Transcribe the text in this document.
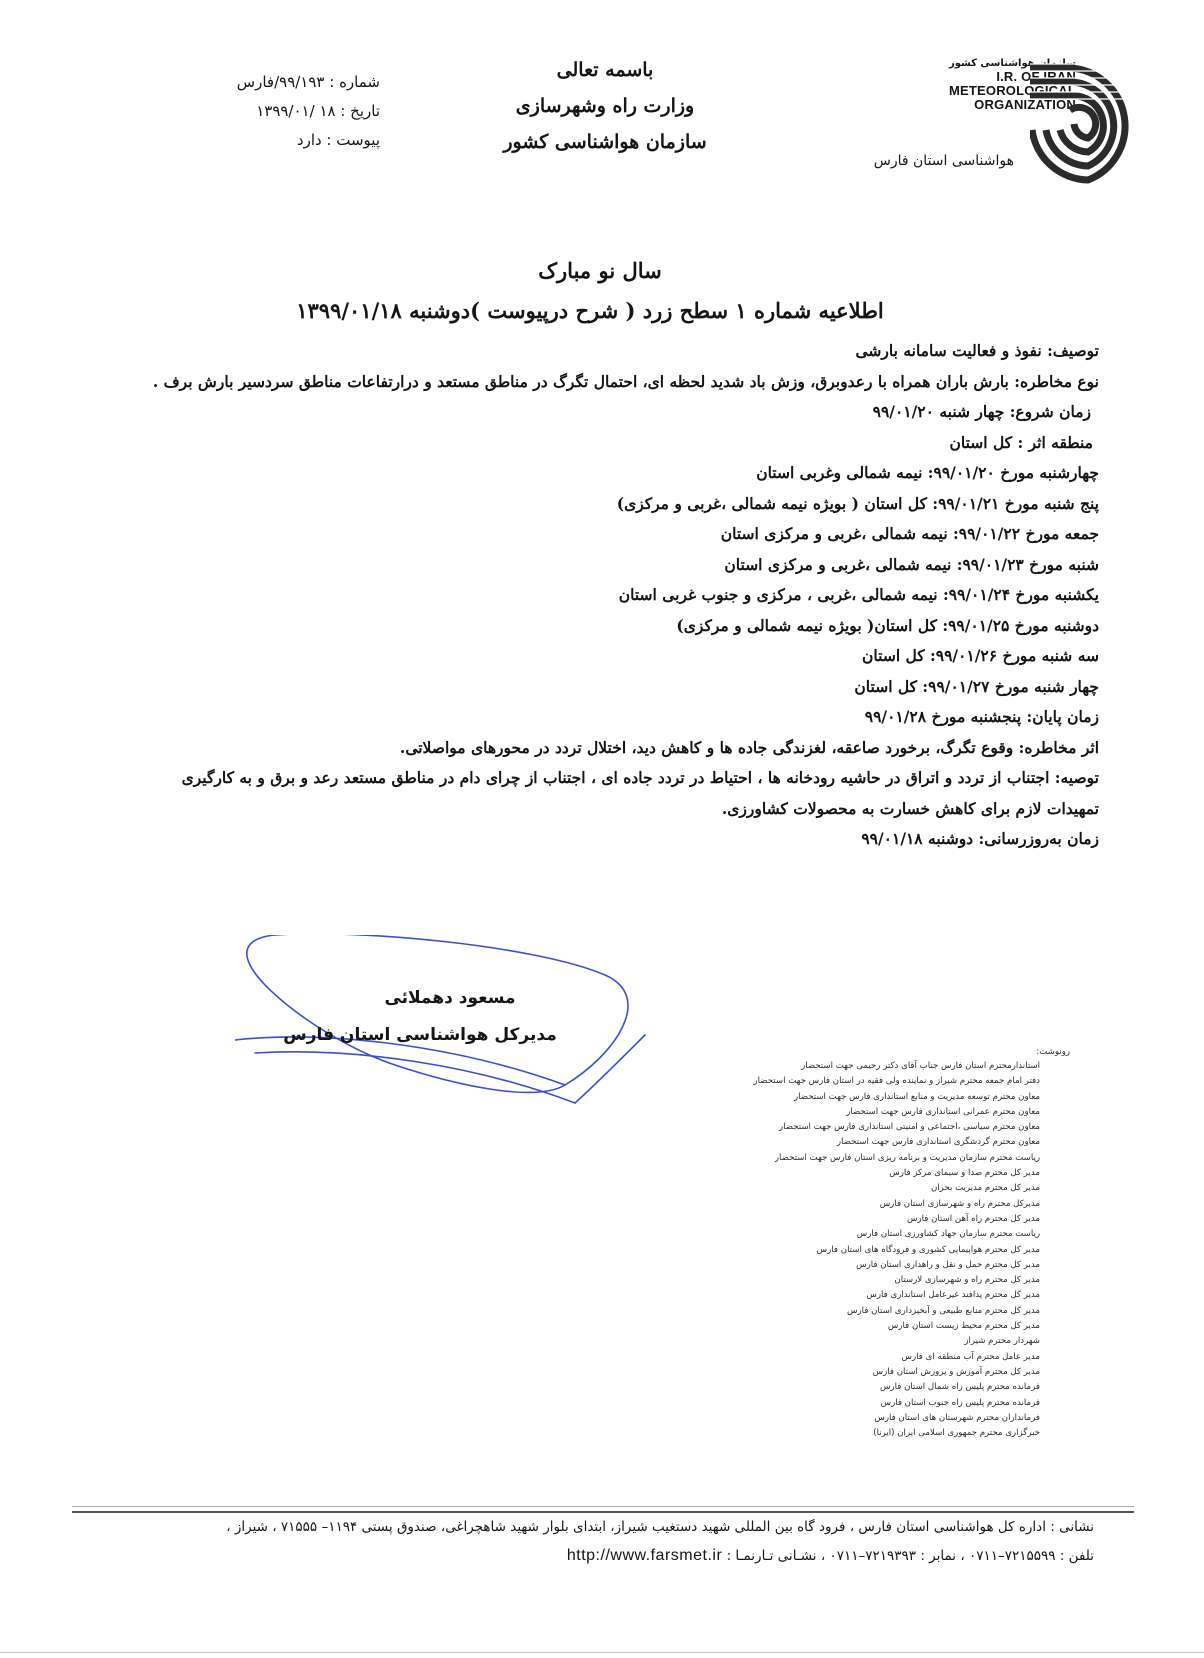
سازمان هواشناسی کشور
I.R. OF IRAN
METEOROLOGICAL
ORGANIZATION
هواشناسی استان فارس
باسمه تعالی
وزارت راه وشهرسازی
سازمان هواشناسی کشور
شماره : ۹۹/۱۹۳/فارس
تاریخ : ۱۸ /۱۳۹۹/۰۱
پیوست : دارد
سال نو مبارک
اطلاعیه شماره ۱ سطح زرد ( شرح درپیوست )دوشنبه ۱۳۹۹/۰۱/۱۸
توصیف: نفوذ و فعالیت سامانه بارشی
نوع مخاطره: بارش باران همراه با رعدوبرق، وزش باد شدید لحظه ای، احتمال تگرگ در مناطق مستعد و درارتفاعات مناطق سردسیر بارش برف .
زمان شروع: چهار شنبه ۹۹/۰۱/۲۰
منطقه اثر : کل استان
چهارشنبه مورخ ۹۹/۰۱/۲۰: نیمه شمالی وغربی استان
پنج شنبه مورخ ۹۹/۰۱/۲۱: کل استان ( بویژه نیمه شمالی ،غربی و مرکزی)
جمعه مورخ ۹۹/۰۱/۲۲: نیمه شمالی ،غربی و مرکزی استان
شنبه مورخ ۹۹/۰۱/۲۳: نیمه شمالی ،غربی و مرکزی استان
یکشنبه مورخ ۹۹/۰۱/۲۴: نیمه شمالی ،غربی ، مرکزی و جنوب غربی استان
دوشنبه مورخ ۹۹/۰۱/۲۵: کل استان( بویژه نیمه شمالی و مرکزی)
سه شنبه مورخ ۹۹/۰۱/۲۶: کل استان
چهار شنبه مورخ ۹۹/۰۱/۲۷: کل استان
زمان پایان: پنجشنبه مورخ ۹۹/۰۱/۲۸
اثر مخاطره: وقوع تگرگ، برخورد صاعقه، لغزندگی جاده ها و کاهش دید، اختلال تردد در محورهای مواصلاتی.
توصیه: اجتناب از تردد و اتراق در حاشیه رودخانه ها ، احتیاط در تردد جاده ای ، اجتناب از چرای دام در مناطق مستعد رعد و برق و به کارگیری تمهیدات لازم برای کاهش خسارت به محصولات کشاورزی.
زمان به‌روزرسانی: دوشنبه ۹۹/۰۱/۱۸
مسعود دهملائی
مدیرکل هواشناسی استان فارس
رونوشت:
استاندارمحترم استان فارس جناب آقای دکتر رحیمی جهت استحضار
دفتر امام جمعه محترم شیراز و نماینده ولی فقیه در استان فارس جهت استحضار
معاون محترم توسعه مدیریت و منابع استانداری فارس جهت استحضار
معاون محترم عمرانی استانداری فارس جهت استحضار
معاون محترم سیاسی ،اجتماعی و امنیتی استانداری فارس جهت استحضار
معاون محترم گردشگری استانداری فارس جهت استحضار
ریاست محترم سازمان مدیریت و برنامه ریزی استان فارس جهت استحضار
مدیر کل محترم صدا و سیمای مرکز فارس
مدیر کل محترم مدیریت بحران
مدیرکل محترم راه و شهرسازی استان فارس
مدیر کل محترم راه آهن استان فارس
ریاست محترم سازمان جهاد کشاورزی استان فارس
مدیر کل محترم هواپیمایی کشوری و فرودگاه های استان فارس
مدیر کل محترم حمل و نقل و راهداری استان فارس
مدیر کل محترم راه و شهرسازی لارستان
مدیر کل محترم پدافند غیرعامل استانداری فارس
مدیر کل محترم منابع طبیعی و آبخیزداری استان فارس
مدیر کل محترم محیط زیست استان فارس
شهردار محترم شیراز
مدیر عامل محترم آب منطقه ای فارس
مدیر کل محترم آموزش و پرورش استان فارس
فرمانده محترم پلیس راه شمال استان فارس
فرمانده محترم پلیس راه جنوب استان فارس
فرمانداران محترم شهرستان های استان فارس
خبرگزاری محترم جمهوری اسلامی ایران (ایرنا)
نشانی : اداره کل هواشناسی استان فارس ، فرود گاه بین المللی شهید دستغیب شیراز، ابتدای بلوار شهید شاهچراغی، صندوق پستی ۱۱۹۴– ۷۱۵۵۵ ، شیراز ،
تلفن : ۷۲۱۵۵۹۹–۰۷۱۱ ، نمابر : ۷۲۱۹۳۹۳–۰۷۱۱ ، نشـانی تـارنمـا : http://www.farsmet.ir
